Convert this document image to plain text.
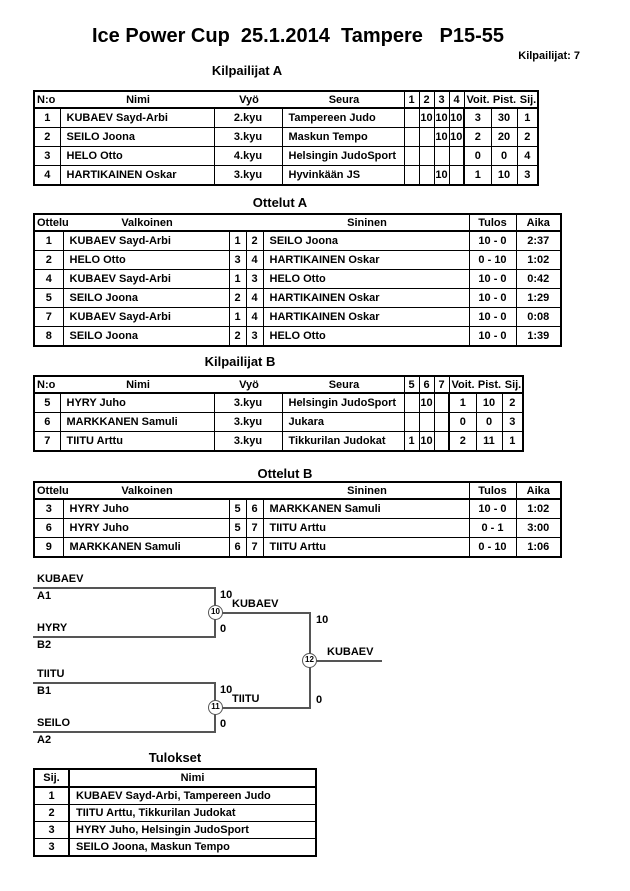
Ice Power Cup  25.1.2014  Tampere   P15-55
Kilpailijat: 7
Kilpailijat A
N:o Nimi Vyö Seura				1	2	3	4	Voit. Pist. Sij.		

1	KUBAEV Sayd-Arbi	2.kyu	Tampereen Judo		10	10	10	3	30	1
2	SEILO Joona	3.kyu	Maskun Tempo			10	10	2	20	2
3	HELO Otto	4.kyu	Helsingin JudoSport					0	0	4
4	HARTIKAINEN Oskar	3.kyu	Hyvinkään JS			10		1	10	3
Ottelut A
Ottelu Valkoinen Sininen					Tulos	Aika
1	KUBAEV Sayd-Arbi	1	2	SEILO Joona	10 - 0	2:37
2	HELO Otto	3	4	HARTIKAINEN Oskar	0 - 10	1:02
4	KUBAEV Sayd-Arbi	1	3	HELO Otto	10 - 0	0:42
5	SEILO Joona	2	4	HARTIKAINEN Oskar	10 - 0	1:29
7	KUBAEV Sayd-Arbi	1	4	HARTIKAINEN Oskar	10 - 0	0:08
8	SEILO Joona	2	3	HELO Otto	10 - 0	1:39
Kilpailijat B
N:o Nimi Vyö Seura				5	6	7	Voit. Pist. Sij.		

5	HYRY Juho	3.kyu	Helsingin JudoSport		10		1	10	2
6	MARKKANEN Samuli	3.kyu	Jukara				0	0	3
7	TIITU Arttu	3.kyu	Tikkurilan Judokat	1	10		2	11	1
Ottelut B
Ottelu Valkoinen Sininen					Tulos	Aika
3	HYRY Juho	5	6	MARKKANEN Samuli	10 - 0	1:02
6	HYRY Juho	5	7	TIITU Arttu	0 - 1	3:00
9	MARKKANEN Samuli	6	7	TIITU Arttu	0 - 10	1:06
KUBAEV
A1
HYRY
B2
10
0
KUBAEV
10
10
0
KUBAEV
12
TIITU
B1
SEILO
A2
10
0
TIITU
11
Tulokset
Sij.	Nimi
1	KUBAEV Sayd-Arbi, Tampereen Judo
2	TIITU Arttu, Tikkurilan Judokat
3	HYRY Juho, Helsingin JudoSport
3	SEILO Joona, Maskun Tempo
